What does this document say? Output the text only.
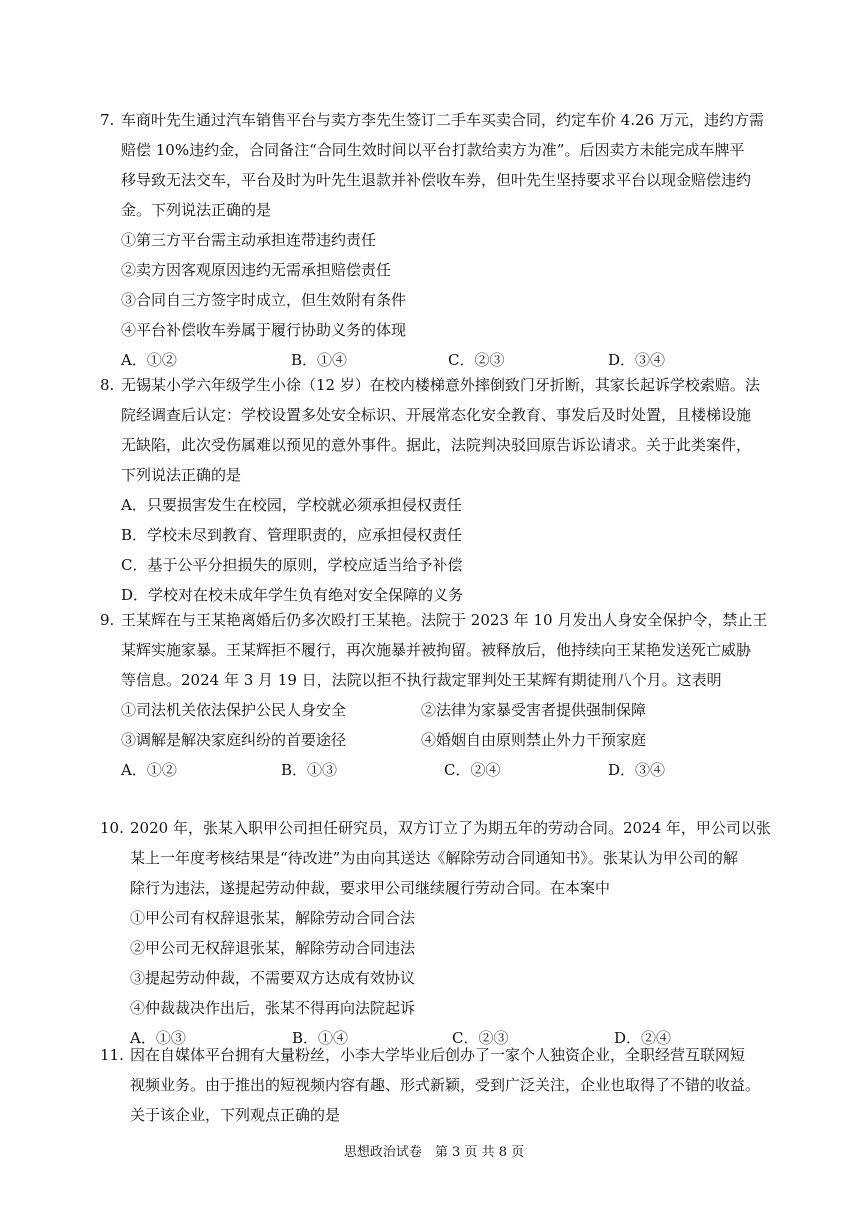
7. 车商叶先生通过汽车销售平台与卖方李先生签订二手车买卖合同，约定车价 4.26 万元，违约方需
赔偿 10%违约金，合同备注“合同生效时间以平台打款给卖方为准”。后因卖方未能完成车牌平
移导致无法交车，平台及时为叶先生退款并补偿收车券，但叶先生坚持要求平台以现金赔偿违约
金。下列说法正确的是
①第三方平台需主动承担连带违约责任
②卖方因客观原因违约无需承担赔偿责任
③合同自三方签字时成立，但生效附有条件
④平台补偿收车券属于履行协助义务的体现
A．①②	B．①④	C．②③	D．③④
8. 无锡某小学六年级学生小徐（12 岁）在校内楼梯意外摔倒致门牙折断，其家长起诉学校索赔。法
院经调查后认定：学校设置多处安全标识、开展常态化安全教育、事发后及时处置，且楼梯设施
无缺陷，此次受伤属难以预见的意外事件。据此，法院判决驳回原告诉讼请求。关于此类案件，
下列说法正确的是
A．只要损害发生在校园，学校就必须承担侵权责任
B．学校未尽到教育、管理职责的，应承担侵权责任
C．基于公平分担损失的原则，学校应适当给予补偿
D．学校对在校未成年学生负有绝对安全保障的义务
9. 王某辉在与王某艳离婚后仍多次殴打王某艳。法院于 2023 年 10 月发出人身安全保护令，禁止王
某辉实施家暴。王某辉拒不履行，再次施暴并被拘留。被释放后，他持续向王某艳发送死亡威胁
等信息。2024 年 3 月 19 日，法院以拒不执行裁定罪判处王某辉有期徒刑八个月。这表明
①司法机关依法保护公民人身安全	②法律为家暴受害者提供强制保障
③调解是解决家庭纠纷的首要途径	④婚姻自由原则禁止外力干预家庭
A．①②	B．①③	C．②④	D．③④
10. 2020 年，张某入职甲公司担任研究员，双方订立了为期五年的劳动合同。2024 年，甲公司以张
某上一年度考核结果是“待改进”为由向其送达《解除劳动合同通知书》。张某认为甲公司的解
除行为违法，遂提起劳动仲裁，要求甲公司继续履行劳动合同。在本案中
①甲公司有权辞退张某，解除劳动合同合法
②甲公司无权辞退张某，解除劳动合同违法
③提起劳动仲裁，不需要双方达成有效协议
④仲裁裁决作出后，张某不得再向法院起诉
A．①③	B．①④	C．②③	D．②④
11. 因在自媒体平台拥有大量粉丝，小李大学毕业后创办了一家个人独资企业，全职经营互联网短
视频业务。由于推出的短视频内容有趣、形式新颖，受到广泛关注，企业也取得了不错的收益。
关于该企业，下列观点正确的是
思想政治试卷　第 3 页 共 8 页
